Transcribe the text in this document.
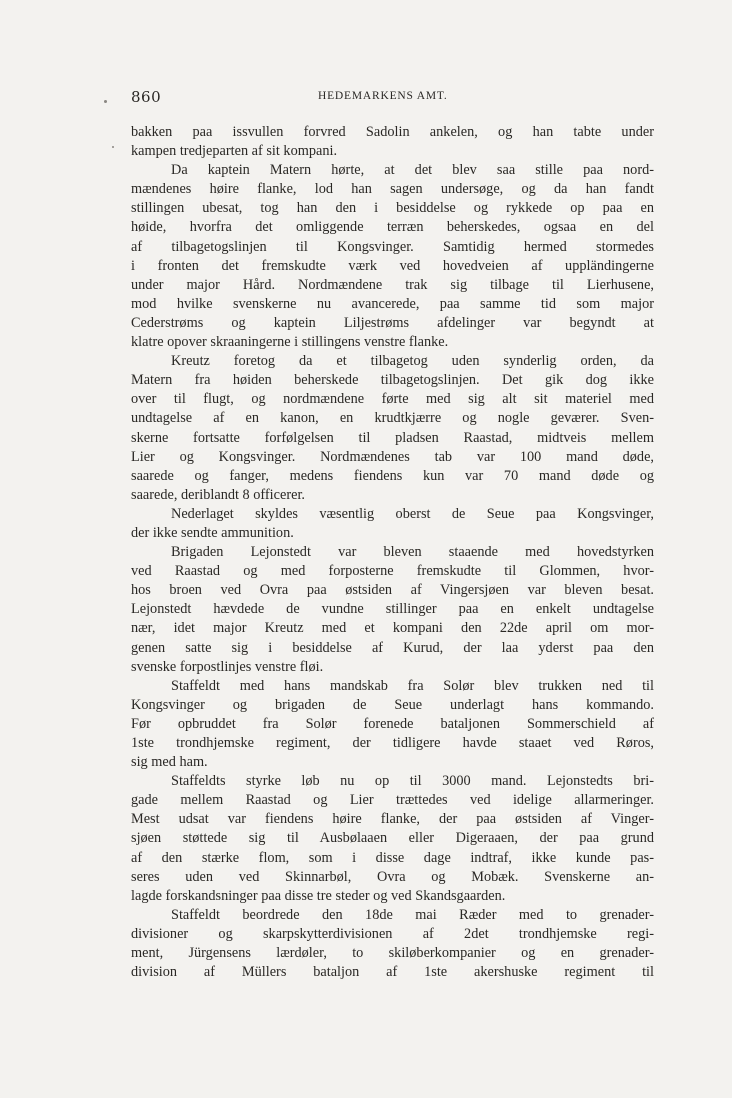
860	HEDEMARKENS AMT.
bakken paa issvullen forvred Sadolin ankelen, og han tabte under
kampen tredjeparten af sit kompani.
Da kaptein Matern hørte, at det blev saa stille paa nord-
mændenes høire flanke, lod han sagen undersøge, og da han fandt
stillingen ubesat, tog han den i besiddelse og rykkede op paa en
høide, hvorfra det omliggende terræn beherskedes, ogsaa en del
af tilbagetogslinjen til Kongsvinger. Samtidig hermed stormedes
i fronten det fremskudte værk ved hovedveien af uppländingerne
under major Hård. Nordmændene trak sig tilbage til Lierhusene,
mod hvilke svenskerne nu avancerede, paa samme tid som major
Cederstrøms og kaptein Liljestrøms afdelinger var begyndt at
klatre opover skraaningerne i stillingens venstre flanke.
Kreutz foretog da et tilbagetog uden synderlig orden, da
Matern fra høiden beherskede tilbagetogslinjen. Det gik dog ikke
over til flugt, og nordmændene førte med sig alt sit materiel med
undtagelse af en kanon, en krudtkjærre og nogle geværer. Sven-
skerne fortsatte forfølgelsen til pladsen Raastad, midtveis mellem
Lier og Kongsvinger. Nordmændenes tab var 100 mand døde,
saarede og fanger, medens fiendens kun var 70 mand døde og
saarede, deriblandt 8 officerer.
Nederlaget skyldes væsentlig oberst de Seue paa Kongsvinger,
der ikke sendte ammunition.
Brigaden Lejonstedt var bleven staaende med hovedstyrken
ved Raastad og med forposterne fremskudte til Glommen, hvor-
hos broen ved Ovra paa østsiden af Vingersjøen var bleven besat.
Lejonstedt hævdede de vundne stillinger paa en enkelt undtagelse
nær, idet major Kreutz med et kompani den 22de april om mor-
genen satte sig i besiddelse af Kurud, der laa yderst paa den
svenske forpostlinjes venstre fløi.
Staffeldt med hans mandskab fra Solør blev trukken ned til
Kongsvinger og brigaden de Seue underlagt hans kommando.
Før opbruddet fra Solør forenede bataljonen Sommerschield af
1ste trondhjemske regiment, der tidligere havde staaet ved Røros,
sig med ham.
Staffeldts styrke løb nu op til 3000 mand. Lejonstedts bri-
gade mellem Raastad og Lier trættedes ved idelige allarmeringer.
Mest udsat var fiendens høire flanke, der paa østsiden af Vinger-
sjøen støttede sig til Ausbølaaen eller Digeraaen, der paa grund
af den stærke flom, som i disse dage indtraf, ikke kunde pas-
seres uden ved Skinnarbøl, Ovra og Mobæk. Svenskerne an-
lagde forskandsninger paa disse tre steder og ved Skandsgaarden.
Staffeldt beordrede den 18de mai Ræder med to grenader-
divisioner og skarpskytterdivisionen af 2det trondhjemske regi-
ment, Jürgensens lærdøler, to skiløberkompanier og en grenader-
division af Müllers bataljon af 1ste akershuske regiment til
